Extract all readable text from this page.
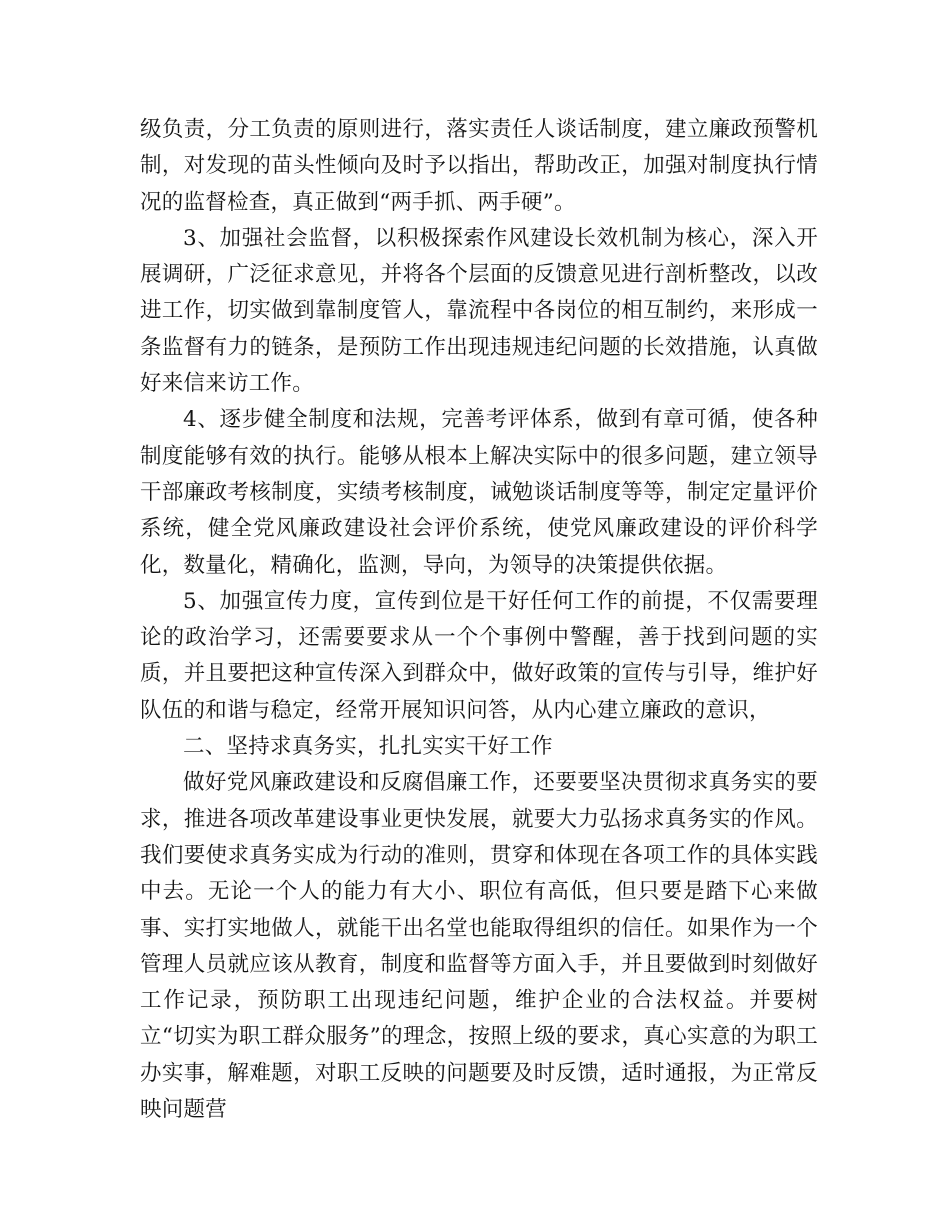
级负责，分工负责的原则进行，落实责任人谈话制度，建立廉政预警机制，对发现的苗头性倾向及时予以指出，帮助改正，加强对制度执行情况的监督检查，真正做到“两手抓、两手硬”。

3、加强社会监督，以积极探索作风建设长效机制为核心，深入开展调研，广泛征求意见，并将各个层面的反馈意见进行剖析整改，以改进工作，切实做到靠制度管人，靠流程中各岗位的相互制约，来形成一条监督有力的链条，是预防工作出现违规违纪问题的长效措施，认真做好来信来访工作。

4、逐步健全制度和法规，完善考评体系，做到有章可循，使各种制度能够有效的执行。能够从根本上解决实际中的很多问题，建立领导干部廉政考核制度，实绩考核制度，诫勉谈话制度等等，制定定量评价系统，健全党风廉政建设社会评价系统，使党风廉政建设的评价科学化，数量化，精确化，监测，导向，为领导的决策提供依据。

5、加强宣传力度，宣传到位是干好任何工作的前提，不仅需要理论的政治学习，还需要要求从一个个事例中警醒，善于找到问题的实质，并且要把这种宣传深入到群众中，做好政策的宣传与引导，维护好队伍的和谐与稳定，经常开展知识问答，从内心建立廉政的意识，

二、坚持求真务实，扎扎实实干好工作

做好党风廉政建设和反腐倡廉工作，还要要坚决贯彻求真务实的要求，推进各项改革建设事业更快发展，就要大力弘扬求真务实的作风。我们要使求真务实成为行动的准则，贯穿和体现在各项工作的具体实践中去。无论一个人的能力有大小、职位有高低，但只要是踏下心来做事、实打实地做人，就能干出名堂也能取得组织的信任。如果作为一个管理人员就应该从教育，制度和监督等方面入手，并且要做到时刻做好工作记录，预防职工出现违纪问题，维护企业的合法权益。并要树立“切实为职工群众服务”的理念，按照上级的要求，真心实意的为职工办实事，解难题，对职工反映的问题要及时反馈，适时通报，为正常反映问题营
